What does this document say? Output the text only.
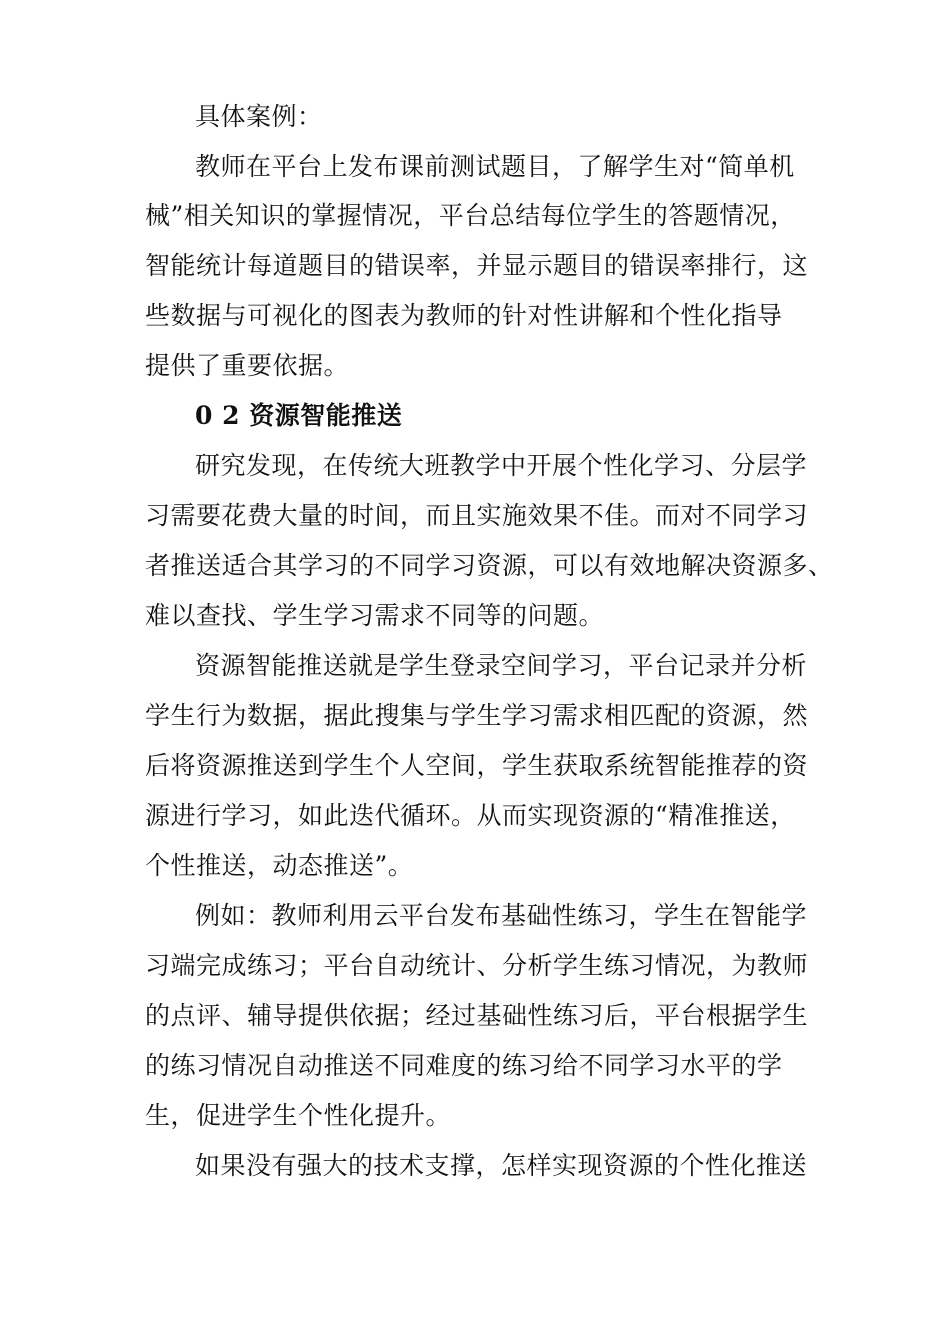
具体案例：
教师在平台上发布课前测试题目，了解学生对“简单机
械”相关知识的掌握情况，平台总结每位学生的答题情况，
智能统计每道题目的错误率，并显示题目的错误率排行，这
些数据与可视化的图表为教师的针对性讲解和个性化指导
提供了重要依据。
0 2 资源智能推送
研究发现，在传统大班教学中开展个性化学习、分层学
习需要花费大量的时间，而且实施效果不佳。而对不同学习
者推送适合其学习的不同学习资源，可以有效地解决资源多、
难以查找、学生学习需求不同等的问题。
资源智能推送就是学生登录空间学习，平台记录并分析
学生行为数据，据此搜集与学生学习需求相匹配的资源，然
后将资源推送到学生个人空间，学生获取系统智能推荐的资
源进行学习，如此迭代循环。从而实现资源的“精准推送，
个性推送，动态推送”。
例如：教师利用云平台发布基础性练习，学生在智能学
习端完成练习；平台自动统计、分析学生练习情况，为教师
的点评、辅导提供依据；经过基础性练习后，平台根据学生
的练习情况自动推送不同难度的练习给不同学习水平的学
生，促进学生个性化提升。
如果没有强大的技术支撑，怎样实现资源的个性化推送
